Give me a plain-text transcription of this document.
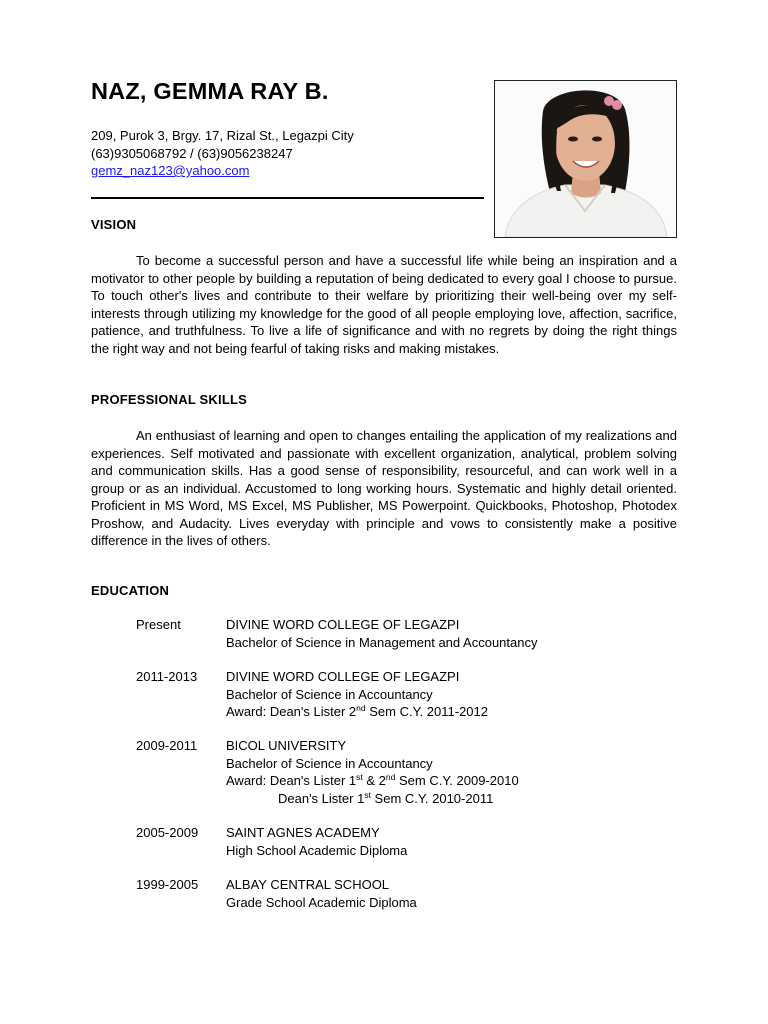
NAZ, GEMMA RAY B.
209, Purok 3, Brgy. 17, Rizal St., Legazpi City
(63)9305068792 / (63)9056238247
gemz_naz123@yahoo.com
VISION

To become a successful person and have a successful life while being an inspiration and a motivator to other people by building a reputation of being dedicated to every goal I choose to pursue. To touch other's lives and contribute to their welfare by prioritizing their well-being over my self-interests through utilizing my knowledge for the good of all people employing love, affection, sacrifice, patience, and truthfulness. To live a life of significance and with no regrets by doing the right things the right way and not being fearful of taking risks and making mistakes.

PROFESSIONAL SKILLS

An enthusiast of learning and open to changes entailing the application of my realizations and experiences. Self motivated and passionate with excellent organization, analytical, problem solving and communication skills. Has a good sense of responsibility, resourceful, and can work well in a group or as an individual. Accustomed to long working hours. Systematic and highly detail oriented. Proficient in MS Word, MS Excel, MS Publisher, MS Powerpoint. Quickbooks, Photoshop, Photodex Proshow, and Audacity. Lives everyday with principle and vows to consistently make a positive difference in the lives of others.

EDUCATION
Present	DIVINE WORD COLLEGE OF LEGAZPI
Bachelor of Science in Management and Accountancy
2011-2013 DIVINE WORD COLLEGE OF LEGAZPI
Bachelor of Science in Accountancy
Award: Dean's Lister 2nd Sem C.Y. 2011-2012
2009-2011 BICOL UNIVERSITY
Bachelor of Science in Accountancy
Award: Dean's Lister 1st & 2nd Sem C.Y. 2009-2010
Dean's Lister 1st Sem C.Y. 2010-2011
2005-2009 SAINT AGNES ACADEMY
High School Academic Diploma
1999-2005 ALBAY CENTRAL SCHOOL
Grade School Academic Diploma
